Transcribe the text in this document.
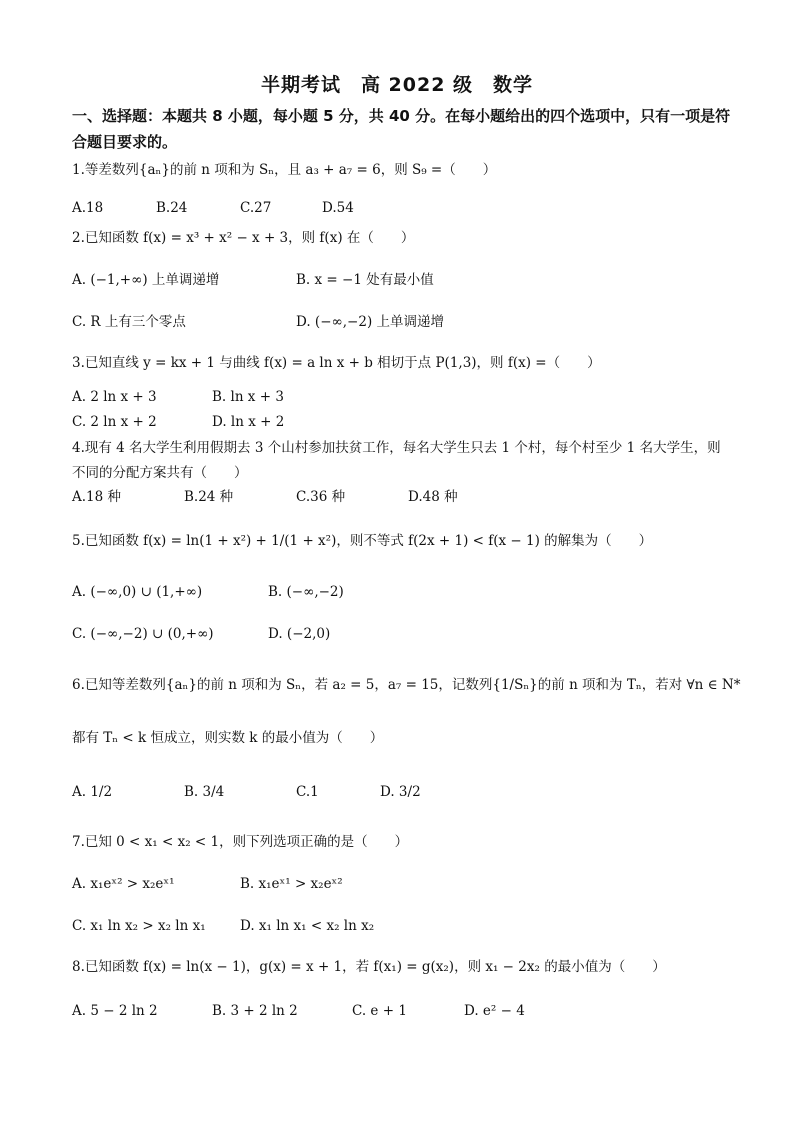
半期考试　高 2022 级　数学
一、选择题：本题共 8 小题，每小题 5 分，共 40 分。在每小题给出的四个选项中，只有一项是符合题目要求的。
1.等差数列{aₙ}的前 n 项和为 Sₙ，且 a₃ + a₇ = 6，则 S₉ =（　　）
A.18	B.24	C.27	D.54
2.已知函数 f(x) = x³ + x² − x + 3，则 f(x) 在（　　）
A. (−1,+∞) 上单调递增	B. x = −1 处有最小值
C. R 上有三个零点	D. (−∞,−2) 上单调递增
3.已知直线 y = kx + 1 与曲线 f(x) = a ln x + b 相切于点 P(1,3)，则 f(x) =（　　）
A. 2 ln x + 3	B. ln x + 3
C. 2 ln x + 2	D. ln x + 2
4.现有 4 名大学生利用假期去 3 个山村参加扶贫工作，每名大学生只去 1 个村，每个村至少 1 名大学生，则不同的分配方案共有（　　）
A.18 种	B.24 种	C.36 种	D.48 种
5.已知函数 f(x) = ln(1 + x²) + 1/(1 + x²)，则不等式 f(2x + 1) < f(x − 1) 的解集为（　　）
A. (−∞,0) ∪ (1,+∞)	B. (−∞,−2)
C. (−∞,−2) ∪ (0,+∞)	D. (−2,0)
6.已知等差数列{aₙ}的前 n 项和为 Sₙ，若 a₂ = 5，a₇ = 15，记数列{1/Sₙ}的前 n 项和为 Tₙ，若对 ∀n ∈ N*
都有 Tₙ < k 恒成立，则实数 k 的最小值为（　　）
A. 1/2	B. 3/4	C.1	D. 3/2
7.已知 0 < x₁ < x₂ < 1，则下列选项正确的是（　　）
A. x₁eˣ² > x₂eˣ¹	B. x₁eˣ¹ > x₂eˣ²
C. x₁ ln x₂ > x₂ ln x₁	D. x₁ ln x₁ < x₂ ln x₂
8.已知函数 f(x) = ln(x − 1)，g(x) = x + 1，若 f(x₁) = g(x₂)，则 x₁ − 2x₂ 的最小值为（　　）
A. 5 − 2 ln 2	B. 3 + 2 ln 2	C. e + 1	D. e² − 4
